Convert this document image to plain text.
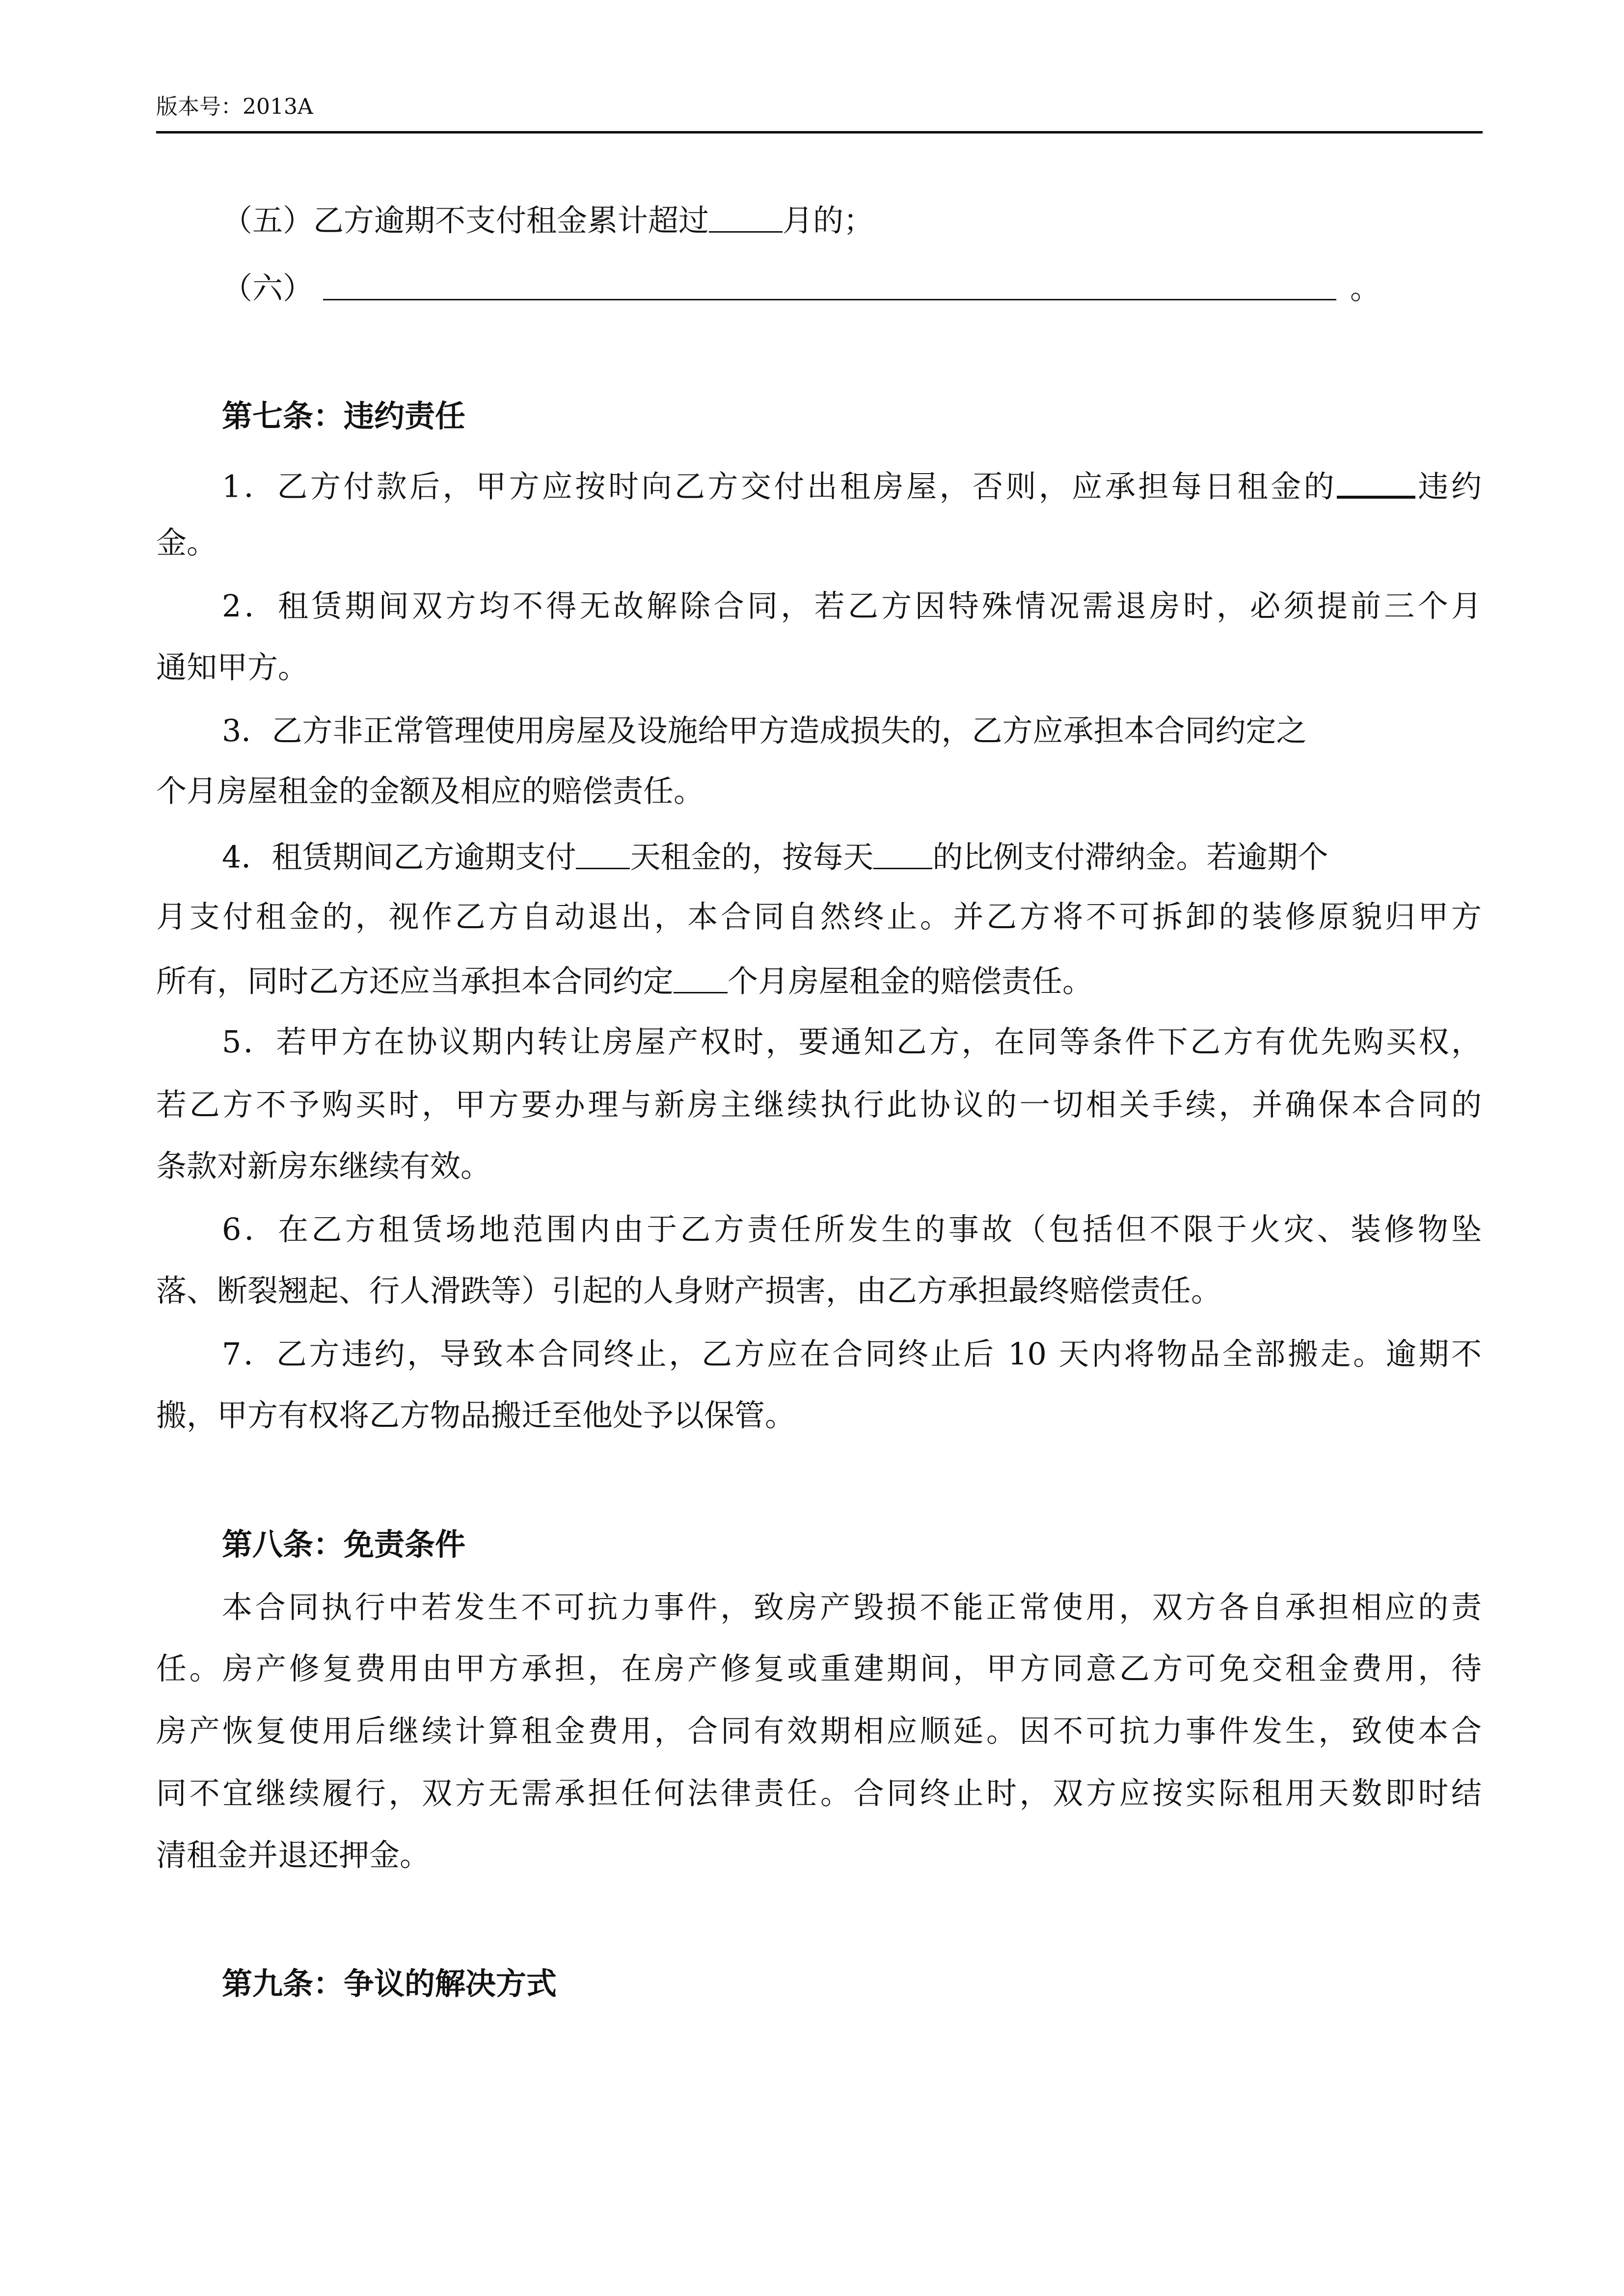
版本号：2013A
（五）乙方逾期不支付租金累计超过 月的；
（六）	。
第七条：违约责任
1．乙方付款后，甲方应按时向乙方交付出租房屋，否则，应承担每日租金的	违约
金。
2．租赁期间双方均不得无故解除合同，若乙方因特殊情况需退房时，必须提前三个月
通知甲方。
3．乙方非正常管理使用房屋及设施给甲方造成损失的，乙方应承担本合同约定之
个月房屋租金的金额及相应的赔偿责任。
4．租赁期间乙方逾期支付 天租金的，按每天 的比例支付滞纳金。若逾期个
月支付租金的，视作乙方自动退出，本合同自然终止。并乙方将不可拆卸的装修原貌归甲方
所有，同时乙方还应当承担本合同约定 个月房屋租金的赔偿责任。
5．若甲方在协议期内转让房屋产权时，要通知乙方，在同等条件下乙方有优先购买权，
若乙方不予购买时，甲方要办理与新房主继续执行此协议的一切相关手续，并确保本合同的
条款对新房东继续有效。
6．在乙方租赁场地范围内由于乙方责任所发生的事故（包括但不限于火灾、装修物坠
落、断裂翘起、行人滑跌等）引起的人身财产损害，由乙方承担最终赔偿责任。
7．乙方违约，导致本合同终止，乙方应在合同终止后 10 天内将物品全部搬走。逾期不
搬，甲方有权将乙方物品搬迁至他处予以保管。
第八条：免责条件
本合同执行中若发生不可抗力事件，致房产毁损不能正常使用，双方各自承担相应的责
任。房产修复费用由甲方承担，在房产修复或重建期间，甲方同意乙方可免交租金费用，待
房产恢复使用后继续计算租金费用，合同有效期相应顺延。因不可抗力事件发生，致使本合
同不宜继续履行，双方无需承担任何法律责任。合同终止时，双方应按实际租用天数即时结
清租金并退还押金。
第九条：争议的解决方式
